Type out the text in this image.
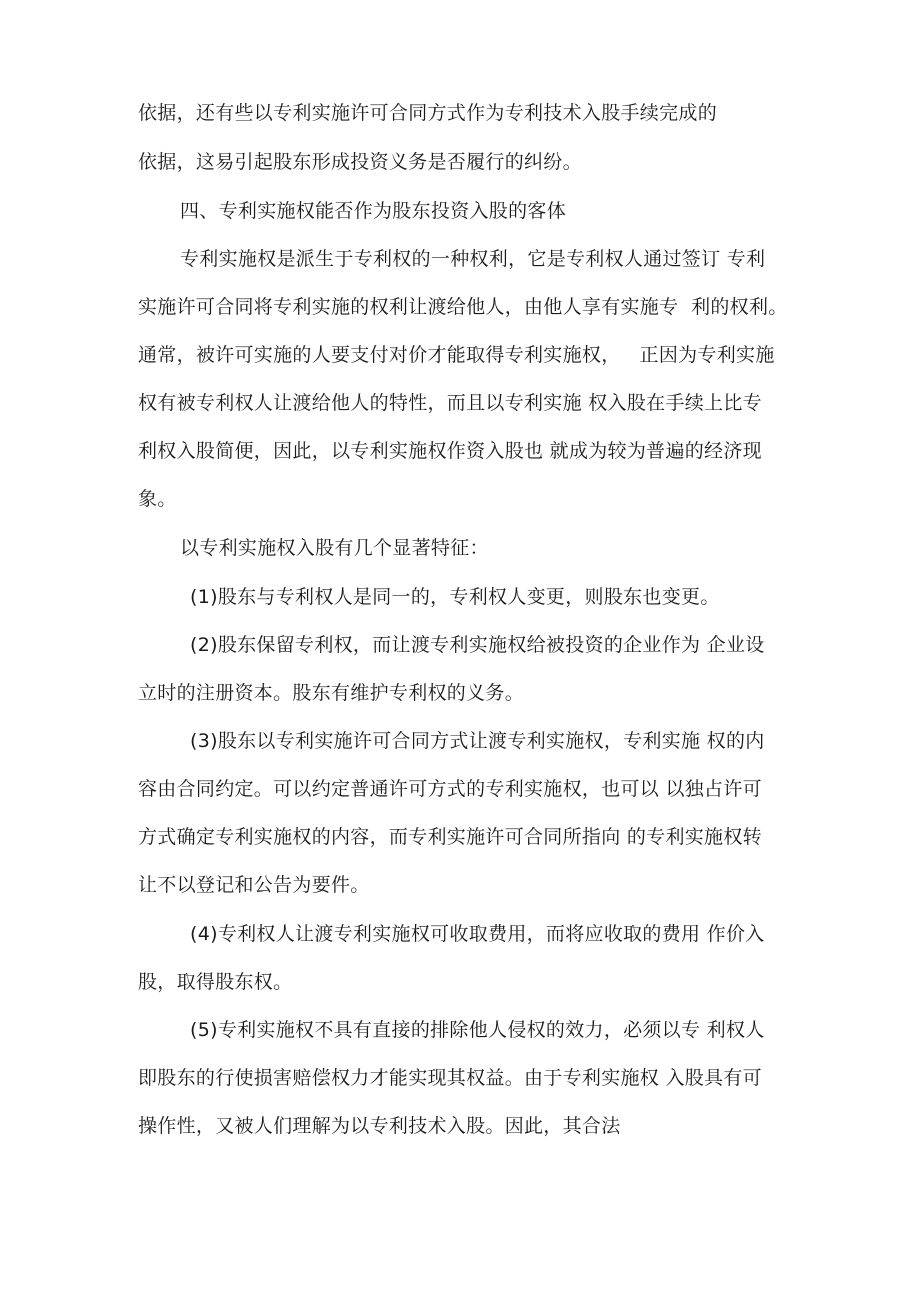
依据，还有些以专利实施许可合同方式作为专利技术入股手续完成的
依据，这易引起股东形成投资义务是否履行的纠纷。
四、专利实施权能否作为股东投资入股的客体
专利实施权是派生于专利权的一种权利，它是专利权人通过签订 专利
实施许可合同将专利实施的权利让渡给他人，由他人享有实施专  利的权利。
通常，被许可实施的人要支付对价才能取得专利实施权，   正因为专利实施
权有被专利权人让渡给他人的特性，而且以专利实施 权入股在手续上比专
利权入股简便，因此，以专利实施权作资入股也 就成为较为普遍的经济现
象。
以专利实施权入股有几个显著特征：
(1)股东与专利权人是同一的，专利权人变更，则股东也变更。
(2)股东保留专利权，而让渡专利实施权给被投资的企业作为 企业设
立时的注册资本。股东有维护专利权的义务。
(3)股东以专利实施许可合同方式让渡专利实施权，专利实施 权的内
容由合同约定。可以约定普通许可方式的专利实施权，也可以 以独占许可
方式确定专利实施权的内容，而专利实施许可合同所指向 的专利实施权转
让不以登记和公告为要件。
(4)专利权人让渡专利实施权可收取费用，而将应收取的费用 作价入
股，取得股东权。
(5)专利实施权不具有直接的排除他人侵权的效力，必须以专 利权人
即股东的行使损害赔偿权力才能实现其权益。由于专利实施权 入股具有可
操作性，又被人们理解为以专利技术入股。因此，其合法
